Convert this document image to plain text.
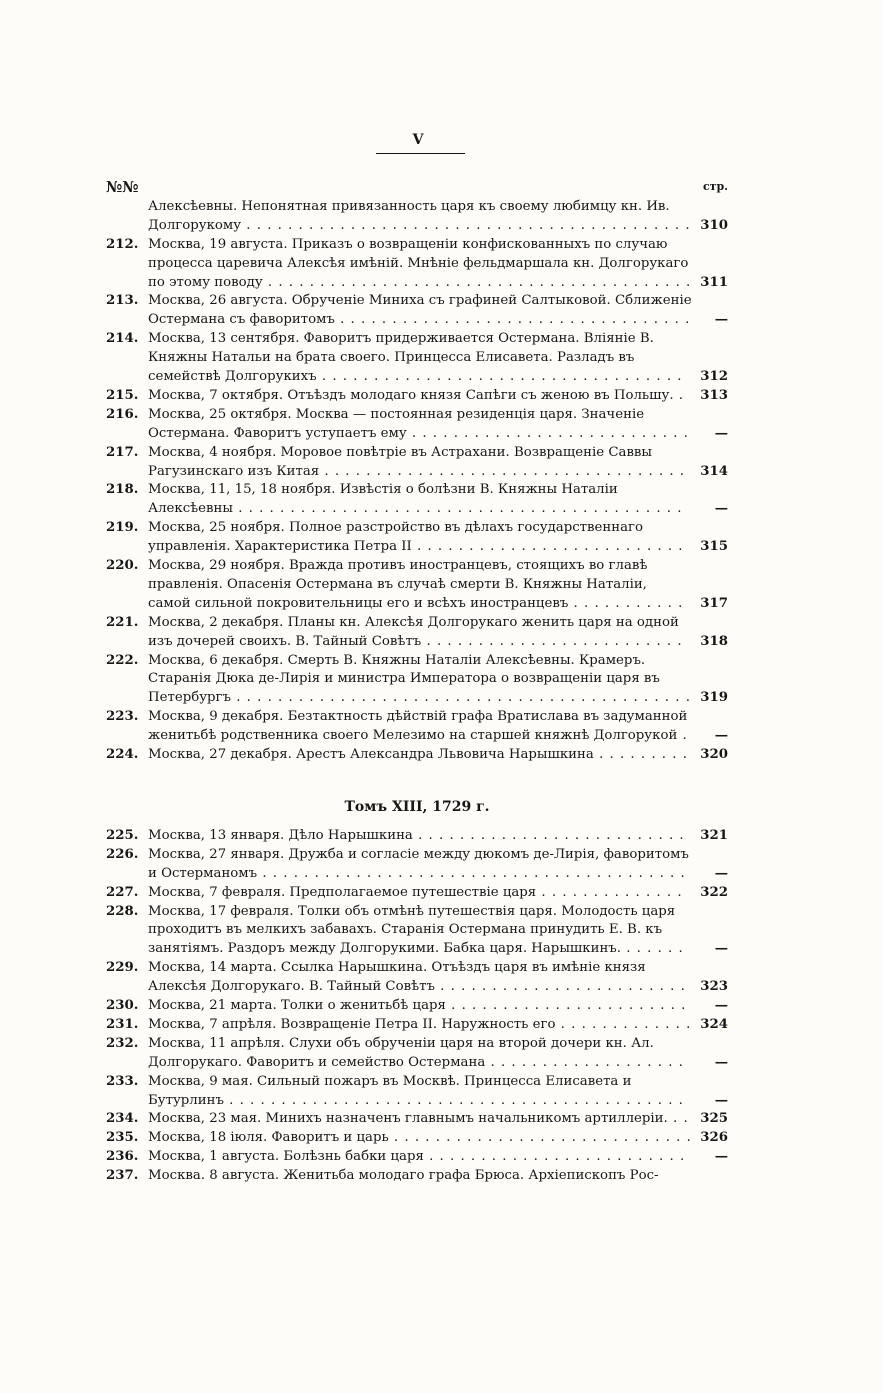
V
№№	стр.
Алексѣевны. Непонятная привязанность царя къ своему любимцу кн. Ив. Долгорукому . . .	310
212. Москва, 19 августа. Приказъ о возвращеніи конфискованныхъ по случаю процесса царевича Алексѣя имѣній. Мнѣніе фельдмаршала кн. Долгорукаго по этому поводу . . .	311
213. Москва, 26 августа. Обрученіе Миниха съ графиней Салтыковой. Сближеніе Остермана съ фаворитомъ . . .	—
214. Москва, 13 сентября. Фаворитъ придерживается Остермана. Вліяніе В. Княжны Натальи на брата своего. Принцесса Елисавета. Разладъ въ семействѣ Долгорукихъ . . .	312
215. Москва, 7 октября. Отъѣздъ молодаго князя Сапѣги съ женою въ Польшу. . . .	313
216. Москва, 25 октября. Москва — постоянная резиденція царя. Значеніе Остермана. Фаворитъ уступаетъ ему . . .	—
217. Москва, 4 ноября. Моровое повѣтріе въ Астрахани. Возвращеніе Саввы Рагузинскаго изъ Китая . . .	314
218. Москва, 11, 15, 18 ноября. Извѣстія о болѣзни В. Княжны Наталіи Алексѣевны . . .	—
219. Москва, 25 ноября. Полное разстройство въ дѣлахъ государственнаго управленія. Характеристика Петра II . . .	315
220. Москва, 29 ноября. Вражда противъ иностранцевъ, стоящихъ во главѣ правленія. Опасенія Остермана въ случаѣ смерти В. Княжны Наталіи, самой сильной покровительницы его и всѣхъ иностранцевъ . . .	317
221. Москва, 2 декабря. Планы кн. Алексѣя Долгорукаго женить царя на одной изъ дочерей своихъ. В. Тайный Совѣтъ . . .	318
222. Москва, 6 декабря. Смерть В. Княжны Наталіи Алексѣевны. Крамеръ. Старанія Дюка де-Лирія и министра Императора о возвращеніи царя въ Петербургъ . . .	319
223. Москва, 9 декабря. Безтактность дѣйствій графа Вратислава въ задуманной женитьбѣ родственника своего Мелезимо на старшей княжнѣ Долгорукой . . .	—
224. Москва, 27 декабря. Арестъ Александра Львовича Нарышкина . . .	320
Томъ XIII, 1729 г.
225. Москва, 13 января. Дѣло Нарышкина . . .	321
226. Москва, 27 января. Дружба и согласіе между дюкомъ де-Лирія, фаворитомъ и Остерманомъ . . .	—
227. Москва, 7 февраля. Предполагаемое путешествіе царя . . .	322
228. Москва, 17 февраля. Толки объ отмѣнѣ путешествія царя. Молодость царя проходитъ въ мелкихъ забавахъ. Старанія Остермана принудить Е. В. къ занятіямъ. Раздоръ между Долгорукими. Бабка царя. Нарышкинъ. . . .	—
229. Москва, 14 марта. Ссылка Нарышкина. Отъѣздъ царя въ имѣніе князя Алексѣя Долгорукаго. В. Тайный Совѣтъ . . .	323
230. Москва, 21 марта. Толки о женитьбѣ царя . . .	—
231. Москва, 7 апрѣля. Возвращеніе Петра II. Наружность его . . .	324
232. Москва, 11 апрѣля. Слухи объ обрученіи царя на второй дочери кн. Ал. Долгорукаго. Фаворитъ и семейство Остермана . . .	—
233. Москва, 9 мая. Сильный пожаръ въ Москвѣ. Принцесса Елисавета и Бутурлинъ . . .	—
234. Москва, 23 мая. Минихъ назначенъ главнымъ начальникомъ артиллеріи. . . .	325
235. Москва, 18 іюля. Фаворитъ и царь . . .	326
236. Москва, 1 августа. Болѣзнь бабки царя . . .	—
237. Москва. 8 августа. Женитьба молодаго графа Брюса. Архіепископъ Рос-
